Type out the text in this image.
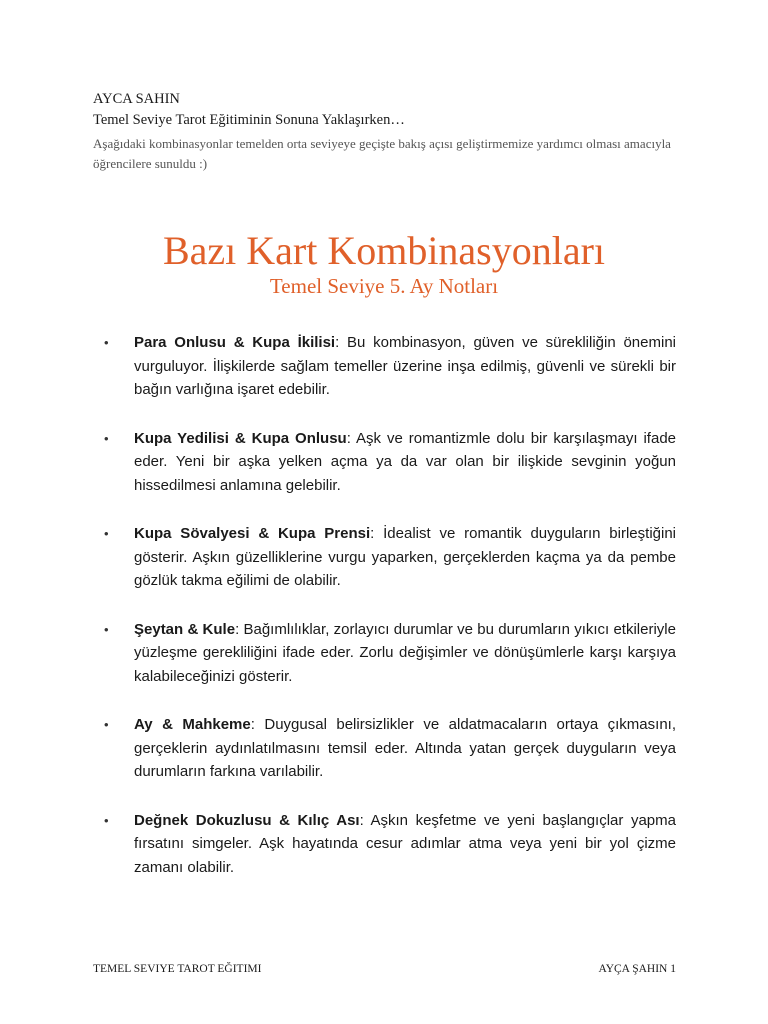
AYCA SAHIN
Temel Seviye Tarot Eğitiminin Sonuna Yaklaşırken…
Aşağıdaki kombinasyonlar temelden orta seviyeye geçişte bakış açısı geliştirmemize yardımcı olması amacıyla öğrencilere sunuldu :)
Bazı Kart Kombinasyonları
Temel Seviye 5. Ay Notları
• Para Onlusu & Kupa İkilisi: Bu kombinasyon, güven ve sürekliliğin önemini vurguluyor. İlişkilerde sağlam temeller üzerine inşa edilmiş, güvenli ve sürekli bir bağın varlığına işaret edebilir.
• Kupa Yedilisi & Kupa Onlusu: Aşk ve romantizmle dolu bir karşılaşmayı ifade eder. Yeni bir aşka yelken açma ya da var olan bir ilişkide sevginin yoğun hissedilmesi anlamına gelebilir.
• Kupa Sövalyesi & Kupa Prensi: İdealist ve romantik duyguların birleştiğini gösterir. Aşkın güzelliklerine vurgu yaparken, gerçeklerden kaçma ya da pembe gözlük takma eğilimi de olabilir.
• Şeytan & Kule: Bağımlılıklar, zorlayıcı durumlar ve bu durumların yıkıcı etkileriyle yüzleşme gerekliliğini ifade eder. Zorlu değişimler ve dönüşümlerle karşı karşıya kalabileceğinizi gösterir.
• Ay & Mahkeme: Duygusal belirsizlikler ve aldatmacaların ortaya çıkmasını, gerçeklerin aydınlatılmasını temsil eder. Altında yatan gerçek duyguların veya durumların farkına varılabilir.
• Değnek Dokuzlusu & Kılıç Ası: Aşkın keşfetme ve yeni başlangıçlar yapma fırsatını simgeler. Aşk hayatında cesur adımlar atma veya yeni bir yol çizme zamanı olabilir.
TEMEL SEVIYE TAROT EĞITIMI	AYÇA ŞAHIN 1
